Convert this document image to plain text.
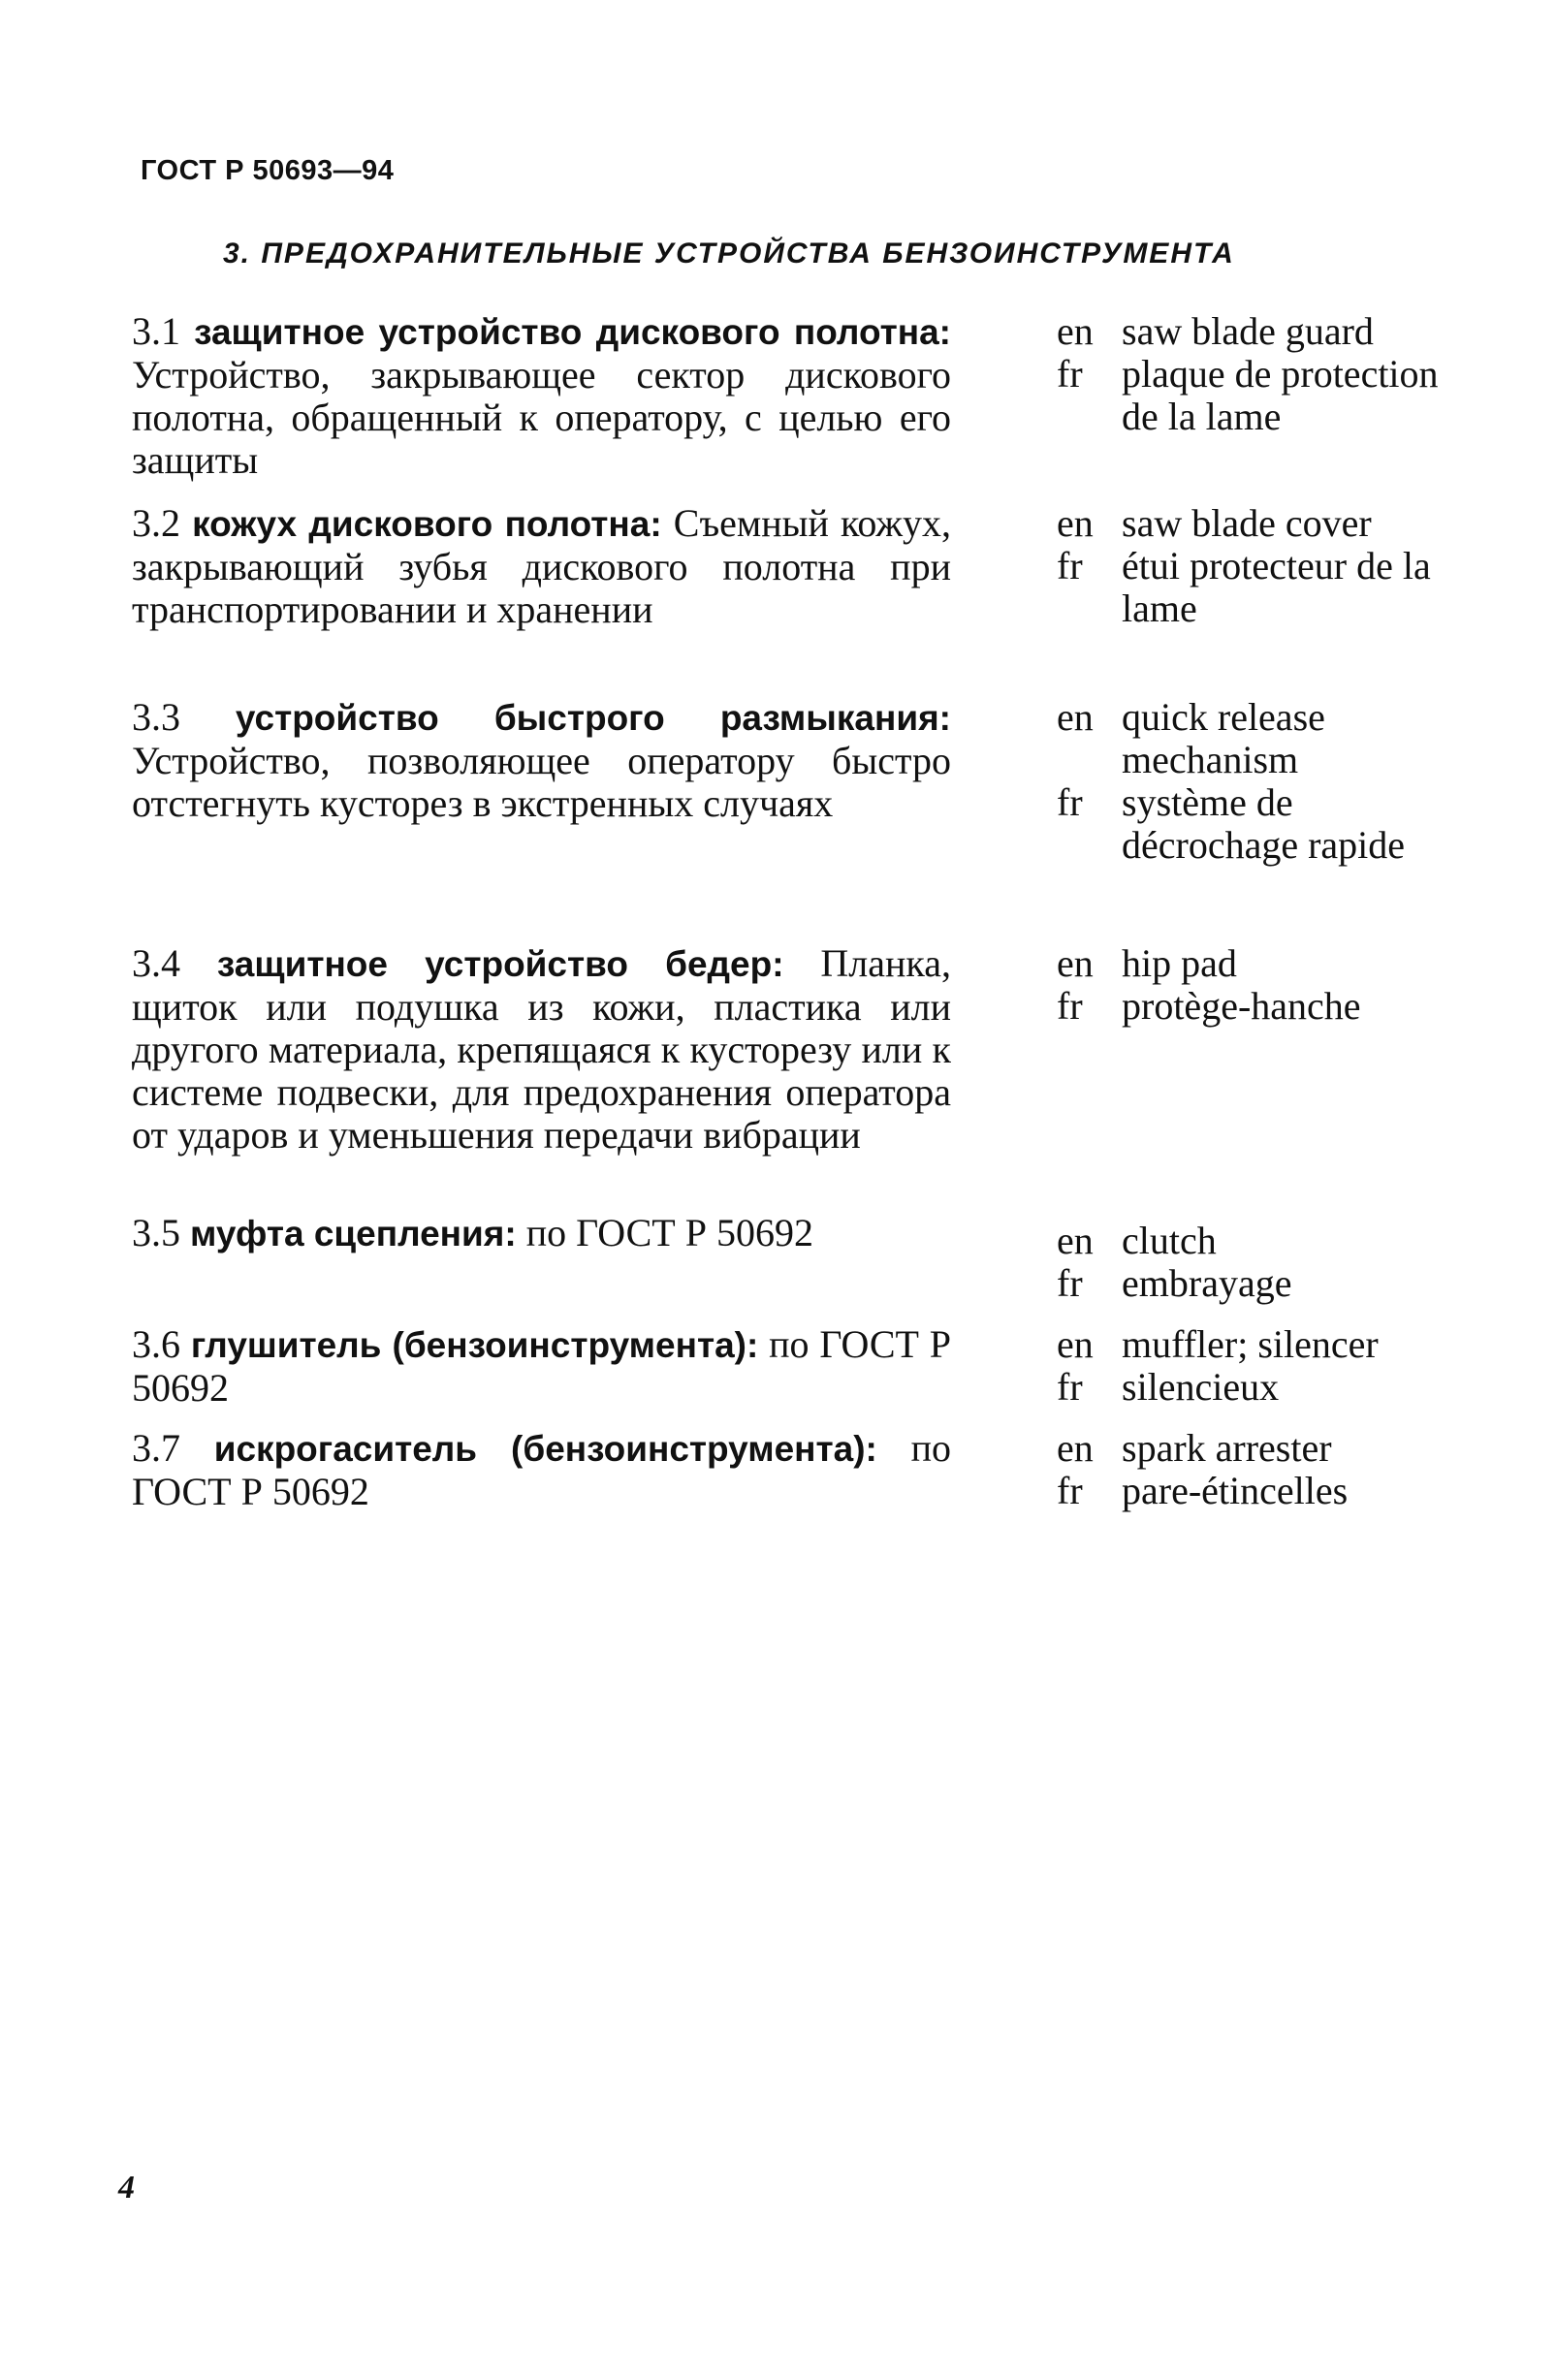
ГОСТ Р 50693—94
3. ПРЕДОХРАНИТЕЛЬНЫЕ УСТРОЙСТВА БЕНЗОИНСТРУМЕНТА
3.1 защитное устройство дискового полотна: Устройство, закрывающее сектор дискового полотна, обращенный к оператору, с целью его защиты
en saw blade guard
fr	plaque de protection de la lame
3.2 кожух дискового полотна: Съемный кожух, закрывающий зубья дискового полотна при транспортировании и хранении
en saw blade cover
fr	étui protecteur de la lame
3.3 устройство быстрого размыкания: Устройство, позволяющее оператору быстро отстегнуть кусторез в экстренных случаях
en quick release mechanism
fr	système de décrochage rapide
3.4 защитное устройство бедер: Планка, щиток или подушка из кожи, пластика или другого материала, крепящаяся к кусторезу или к системе подвески, для предохранения оператора от ударов и уменьшения передачи вибрации
en hip pad
fr	protège-hanche
3.5 муфта сцепления: по ГОСТ Р 50692	en clutch
fr	embrayage
3.6 глушитель (бензоинструмента): по ГОСТ Р 50692
en muffler; silencer
fr	silencieux
3.7 искрогаситель (бензоинструмента): по ГОСТ Р 50692
en spark arrester
fr	pare-étincelles
4
